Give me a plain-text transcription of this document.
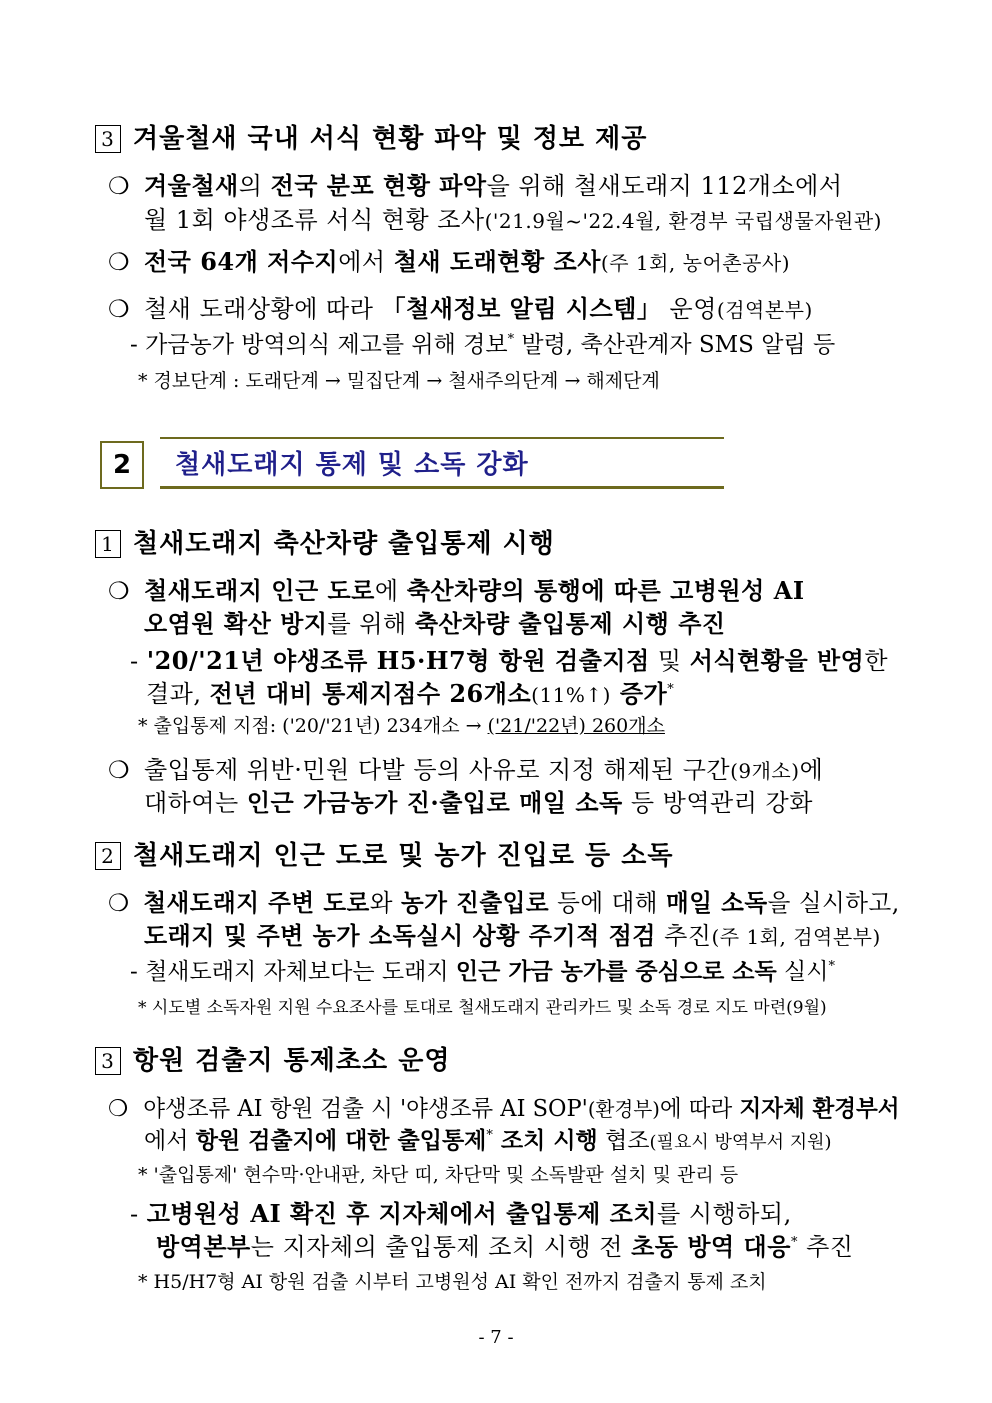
3 겨울철새 국내 서식 현황 파악 및 정보 제공
❍ 겨울철새의 전국 분포 현황 파악을 위해 철새도래지 112개소에서
월 1회 야생조류 서식 현황 조사('21.9월~'22.4월, 환경부 국립생물자원관)
❍ 전국 64개 저수지에서 철새 도래현황 조사(주 1회, 농어촌공사)
❍ 철새 도래상황에 따라 「철새정보 알림 시스템」 운영(검역본부)
- 가금농가 방역의식 제고를 위해 경보* 발령, 축산관계자 SMS 알림 등
* 경보단계 : 도래단계 → 밀집단계 → 철새주의단계 → 해제단계
2	철새도래지 통제 및 소독 강화
1 철새도래지 축산차량 출입통제 시행
❍ 철새도래지 인근 도로에 축산차량의 통행에 따른 고병원성 AI
오염원 확산 방지를 위해 축산차량 출입통제 시행 추진
- '20/'21년 야생조류 H5·H7형 항원 검출지점 및 서식현황을 반영한
결과, 전년 대비 통제지점수 26개소(11%↑) 증가*
* 출입통제 지점: ('20/'21년) 234개소 → ('21/'22년) 260개소
❍ 출입통제 위반·민원 다발 등의 사유로 지정 해제된 구간(9개소)에
대하여는 인근 가금농가 진·출입로 매일 소독 등 방역관리 강화
2 철새도래지 인근 도로 및 농가 진입로 등 소독
❍ 철새도래지 주변 도로와 농가 진출입로 등에 대해 매일 소독을 실시하고,
도래지 및 주변 농가 소독실시 상황 주기적 점검 추진(주 1회, 검역본부)
- 철새도래지 자체보다는 도래지 인근 가금 농가를 중심으로 소독 실시*
* 시도별 소독자원 지원 수요조사를 토대로 철새도래지 관리카드 및 소독 경로 지도 마련(9월)
3 항원 검출지 통제초소 운영
❍ 야생조류 AI 항원 검출 시 '야생조류 AI SOP'(환경부)에 따라 지자체 환경부서
에서 항원 검출지에 대한 출입통제* 조치 시행 협조(필요시 방역부서 지원)
* '출입통제' 현수막·안내판, 차단 띠, 차단막 및 소독발판 설치 및 관리 등
- 고병원성 AI 확진 후 지자체에서 출입통제 조치를 시행하되,
방역본부는 지자체의 출입통제 조치 시행 전 초동 방역 대응* 추진
* H5/H7형 AI 항원 검출 시부터 고병원성 AI 확인 전까지 검출지 통제 조치
- 7 -
